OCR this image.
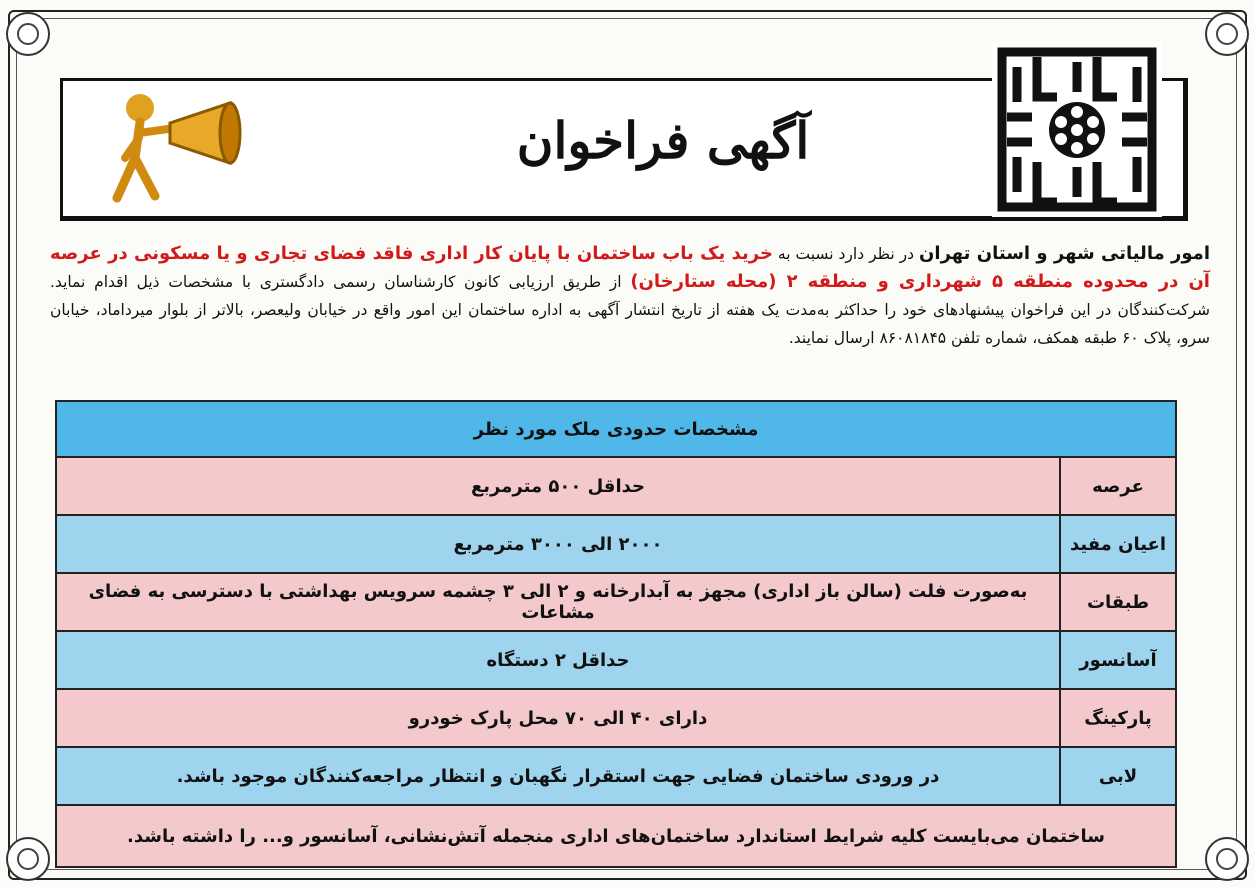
آگهی فراخوان
امور مالیاتی شهر و استان تهران در نظر دارد نسبت به خرید یک باب ساختمان با پایان کار اداری فاقد فضای تجاری و یا مسکونی در عرصه آن در محدوده منطقه ۵ شهرداری و منطقه ۲ (محله ستارخان) از طریق ارزیابی کانون کارشناسان رسمی دادگستری با مشخصات ذیل اقدام نماید. شرکت‌کنندگان در این فراخوان پیشنهادهای خود را حداکثر به‌مدت یک هفته از تاریخ انتشار آگهی به اداره ساختمان این امور واقع در خیابان ولیعصر، بالاتر از بلوار میرداماد، خیابان سرو، پلاک ۶۰ طبقه همکف، شماره تلفن ۸۶۰۸۱۸۴۵ ارسال نمایند.
مشخصات حدودی ملک مورد نظر	
عرصه	حداقل ۵۰۰ مترمربع
اعیان مفید	۲۰۰۰ الی ۳۰۰۰ مترمربع
طبقات	به‌صورت فلت (سالن باز اداری) مجهز به آبدارخانه و ۲ الی ۳ چشمه سرویس بهداشتی با دسترسی به فضای مشاعات
آسانسور	حداقل ۲ دستگاه
پارکینگ	دارای ۴۰ الی ۷۰ محل پارک خودرو
لابی	در ورودی ساختمان فضایی جهت استقرار نگهبان و انتظار مراجعه‌کنندگان موجود باشد.
ساختمان می‌بایست کلیه شرایط استاندارد ساختمان‌های اداری منجمله آتش‌نشانی، آسانسور و... را داشته باشد.	
